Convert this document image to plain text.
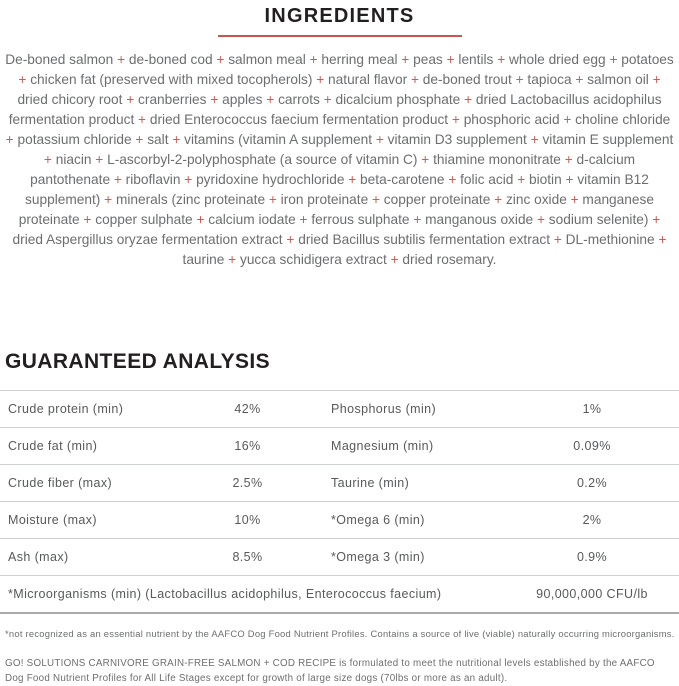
INGREDIENTS

De-boned salmon + de-boned cod + salmon meal + herring meal + peas + lentils + whole dried egg + potatoes + chicken fat (preserved with mixed tocopherols) + natural flavor + de-boned trout + tapioca + salmon oil + dried chicory root + cranberries + apples + carrots + dicalcium phosphate + dried Lactobacillus acidophilus fermentation product + dried Enterococcus faecium fermentation product + phosphoric acid + choline chloride + potassium chloride + salt + vitamins (vitamin A supplement + vitamin D3 supplement + vitamin E supplement + niacin + L-ascorbyl-2-polyphosphate (a source of vitamin C) + thiamine mononitrate + d-calcium pantothenate + riboflavin + pyridoxine hydrochloride + beta-carotene + folic acid + biotin + vitamin B12 supplement) + minerals (zinc proteinate + iron proteinate + copper proteinate + zinc oxide + manganese proteinate + copper sulphate + calcium iodate + ferrous sulphate + manganous oxide + sodium selenite) + dried Aspergillus oryzae fermentation extract + dried Bacillus subtilis fermentation extract + DL-methionine + taurine + yucca schidigera extract + dried rosemary.

GUARANTEED ANALYSIS
Crude protein (min)	42%	Phosphorus (min)	1%
Crude fat (min)	16%	Magnesium (min)	0.09%
Crude fiber (max)	2.5%	Taurine (min)	0.2%
Moisture (max)	10%	*Omega 6 (min)	2%
Ash (max)	8.5%	*Omega 3 (min)	0.9%
*Microorganisms (min) (Lactobacillus acidophilus, Enterococcus faecium)			90,000,000 CFU/lb

*not recognized as an essential nutrient by the AAFCO Dog Food Nutrient Profiles. Contains a source of live (viable) naturally occurring microorganisms.

GO! SOLUTIONS CARNIVORE GRAIN-FREE SALMON + COD RECIPE is formulated to meet the nutritional levels established by the AAFCO Dog Food Nutrient Profiles for All Life Stages except for growth of large size dogs (70lbs or more as an adult).
